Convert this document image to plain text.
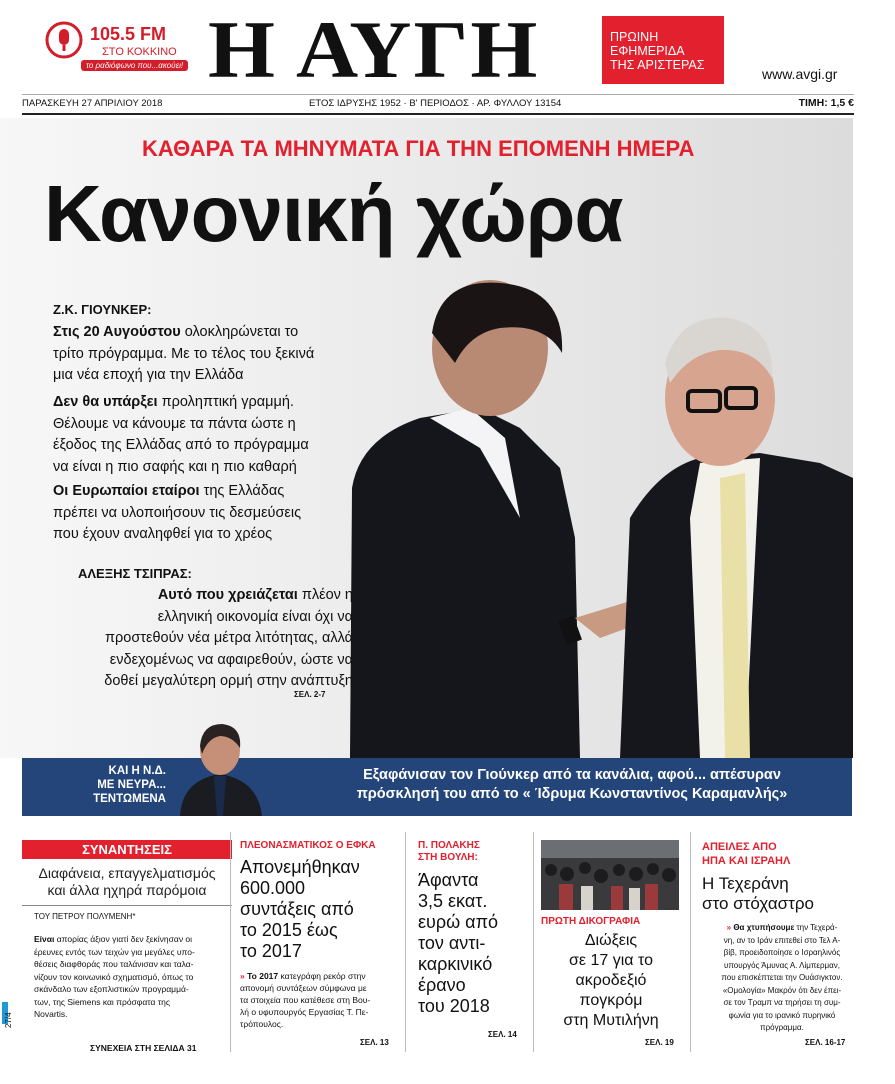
105.5 FM
ΣΤΟ ΚΟΚΚΙΝΟ
το ραδιόφωνο που...ακούει! Η ΑΥΓΗ	ΠΡΩΙΝΗ
ΕΦΗΜΕΡΙΔΑ
ΤΗΣ ΑΡΙΣΤΕΡΑΣ
www.avgi.gr
ΠΑΡΑΣΚΕΥΗ 27 ΑΠΡΙΛΙΟΥ 2018	ΕΤΟΣ ΙΔΡΥΣΗΣ 1952 · Β' ΠΕΡΙΟΔΟΣ · ΑΡ. ΦΥΛΛΟΥ 13154	ΤΙΜΗ: 1,5 €
ΚΑΘΑΡΑ ΤΑ ΜΗΝΥΜΑΤΑ ΓΙΑ ΤΗΝ ΕΠΟΜΕΝΗ ΗΜΕΡΑ
Κανονική χώρα
Ζ.Κ. ΓΙΟΥΝΚΕΡ:
Στις 20 Αυγούστου ολοκληρώνεται το
τρίτο πρόγραμμα. Με το τέλος του ξεκινά
μια νέα εποχή για την Ελλάδα
Δεν θα υπάρξει προληπτική γραμμή.
Θέλουμε να κάνουμε τα πάντα ώστε η
έξοδος της Ελλάδας από το πρόγραμμα
να είναι η πιο σαφής και η πιο καθαρή
Οι Ευρωπαίοι εταίροι της Ελλάδας
πρέπει να υλοποιήσουν τις δεσμεύσεις
που έχουν αναληφθεί για το χρέος
ΑΛΕΞΗΣ ΤΣΙΠΡΑΣ:
Αυτό που χρειάζεται πλέον η
ελληνική οικονομία είναι όχι να
προστεθούν νέα μέτρα λιτότητας, αλλά
ενδεχομένως να αφαιρεθούν, ώστε να
δοθεί μεγαλύτερη ορμή στην ανάπτυξη
ΣΕΛ. 2-7
ΚΑΙ Η Ν.Δ.
ΜΕ ΝΕΥΡΑ...
ΤΕΝΤΩΜΕΝΑ
Εξαφάνισαν τον Γιούνκερ από τα κανάλια, αφού... απέσυραν
πρόσκλησή του από το « Ίδρυμα Κωνσταντίνος Καραμανλής»
ΣΥΝΑΝΤΗΣΕΙΣ
Διαφάνεια, επαγγελματισμός
και άλλα ηχηρά παρόμοια
ΤΟΥ ΠΕΤΡΟΥ ΠΟΛΥΜΕΝΗ*
Είναι απορίας άξιον γιατί δεν ξεκίνησαν οι
έρευνες εντός των τειχών για μεγάλες υπο-
θέσεις διαφθοράς που ταλάνισαν και ταλα-
νίζουν τον κοινωνικό σχηματισμό, όπως το
σκάνδαλο των εξοπλιστικών προγραμμά-
των, της Siemens και πρόσφατα της
Novartis.
ΣΥΝΕΧΕΙΑ ΣΤΗ ΣΕΛΙΔΑ 31
27/4
ΠΛΕΟΝΑΣΜΑΤΙΚΟΣ Ο ΕΦΚΑ
Απονεμήθηκαν
600.000
συντάξεις από
το 2015 έως
το 2017
» Το 2017 κατεγράφη ρεκόρ στην
απονομή συντάξεων σύμφωνα με
τα στοιχεία που κατέθεσε στη Βου-
λή ο υφυπουργός Εργασίας Τ. Πε-
τρόπουλος.
ΣΕΛ. 13
Π. ΠΟΛΑΚΗΣ
ΣΤΗ ΒΟΥΛΗ:
Άφαντα
3,5 εκατ.
ευρώ από
τον αντι-
καρκινικό
έρανο
του 2018
ΣΕΛ. 14
ΠΡΩΤΗ ΔΙΚΟΓΡΑΦΙΑ
Διώξεις
σε 17 για το
ακροδεξιό
πογκρόμ
στη Μυτιλήνη
ΣΕΛ. 19
ΑΠΕΙΛΕΣ ΑΠΟ
ΗΠΑ ΚΑΙ ΙΣΡΑΗΛ
Η Τεχεράνη
στο στόχαστρο
» Θα χτυπήσουμε την Τεχερά-
νη, αν το Ιράν επιτεθεί στο Τελ Α-
βίβ, προειδοποίησε ο Ισραηλινός
υπουργός Άμυνας Α. Λίμπερμαν,
που επισκέπτεται την Ουάσιγκτον.
«Ομολογία» Μακρόν ότι δεν έπει-
σε τον Τραμπ να τηρήσει τη συμ-
φωνία για το ιρανικό πυρηνικό
πρόγραμμα.
ΣΕΛ. 16-17
